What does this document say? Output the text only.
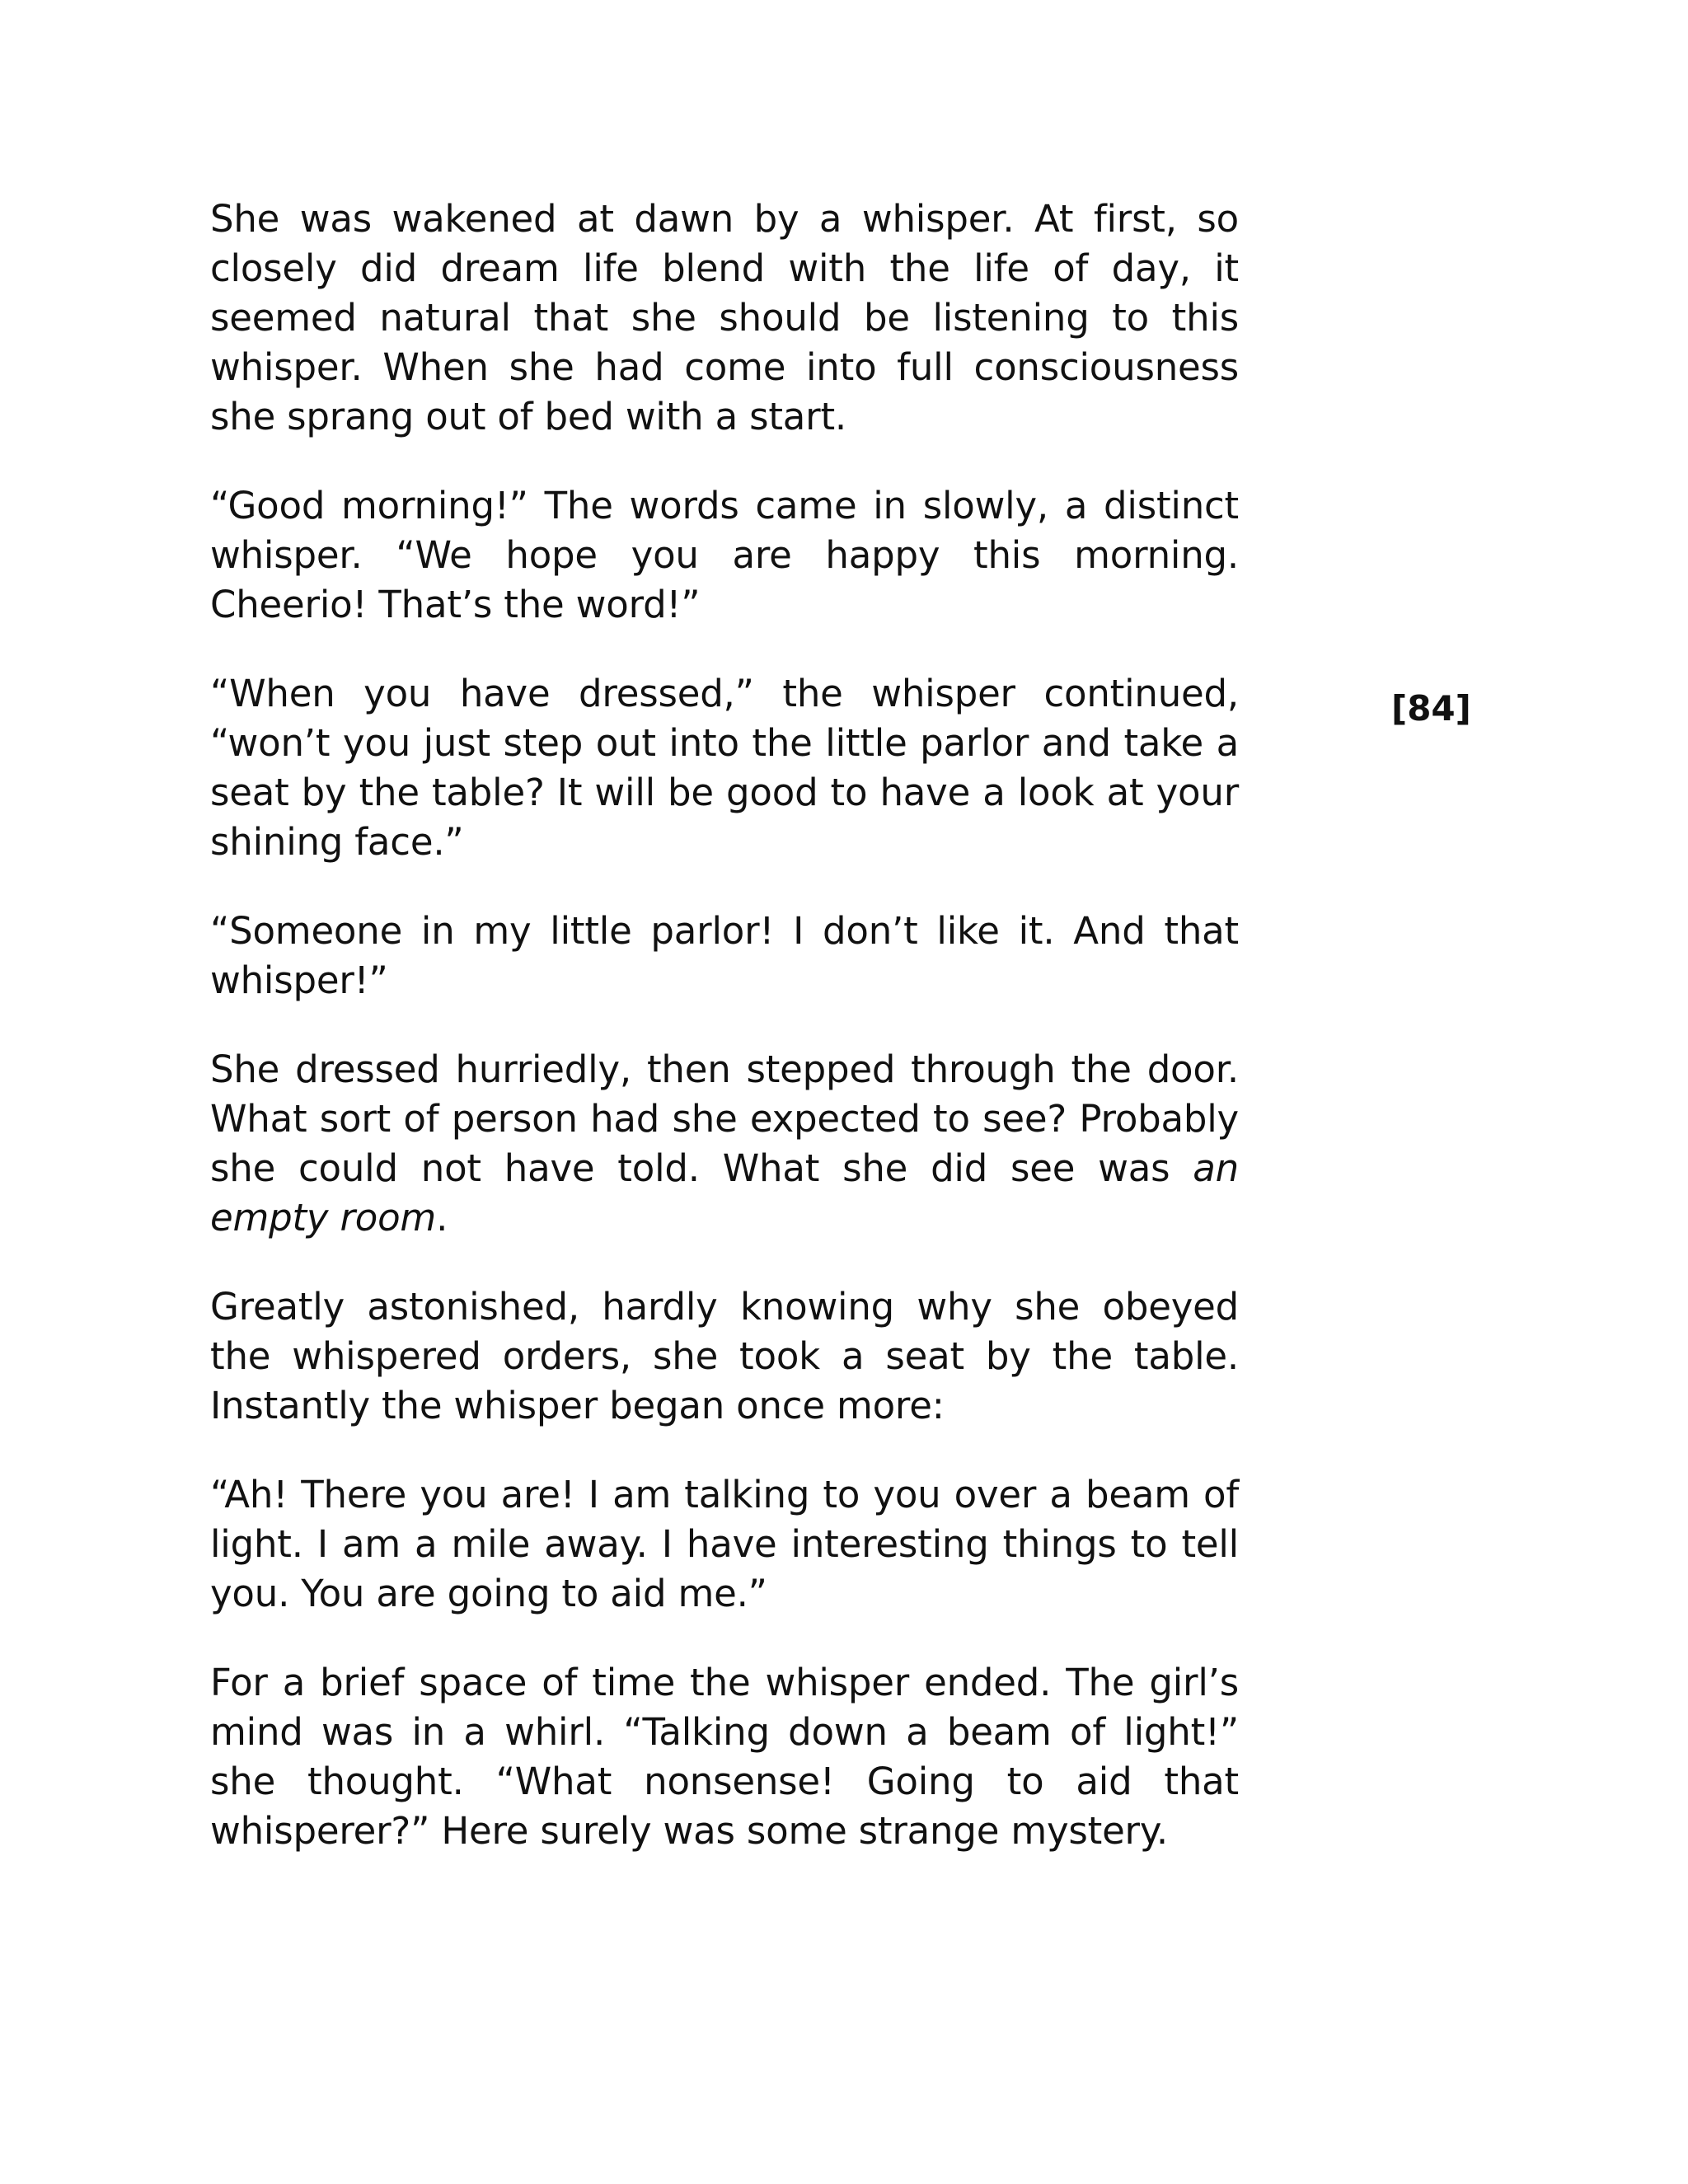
She was wakened at dawn by a whisper. At first, so closely did dream life blend with the life of day, it seemed natural that she should be listening to this whisper. When she had come into full consciousness she sprang out of bed with a start.

“Good morning!” The words came in slowly, a distinct whisper. “We hope you are happy this morning. Cheerio! That’s the word!”

“When you have dressed,” the whisper continued, “won’t you just step out into the little parlor and take a seat by the table? It will be good to have a look at your shining face.”

“Someone in my little parlor! I don’t like it. And that whisper!”

She dressed hurriedly, then stepped through the door. What sort of person had she expected to see? Probably she could not have told. What she did see was an empty room.

Greatly astonished, hardly knowing why she obeyed the whispered orders, she took a seat by the table. Instantly the whisper began once more:

“Ah! There you are! I am talking to you over a beam of light. I am a mile away. I have interesting things to tell you. You are going to aid me.”

For a brief space of time the whisper ended. The girl’s mind was in a whirl. “Talking down a beam of light!” she thought. “What nonsense! Going to aid that whisperer?” Here surely was some strange mystery.

[84]
